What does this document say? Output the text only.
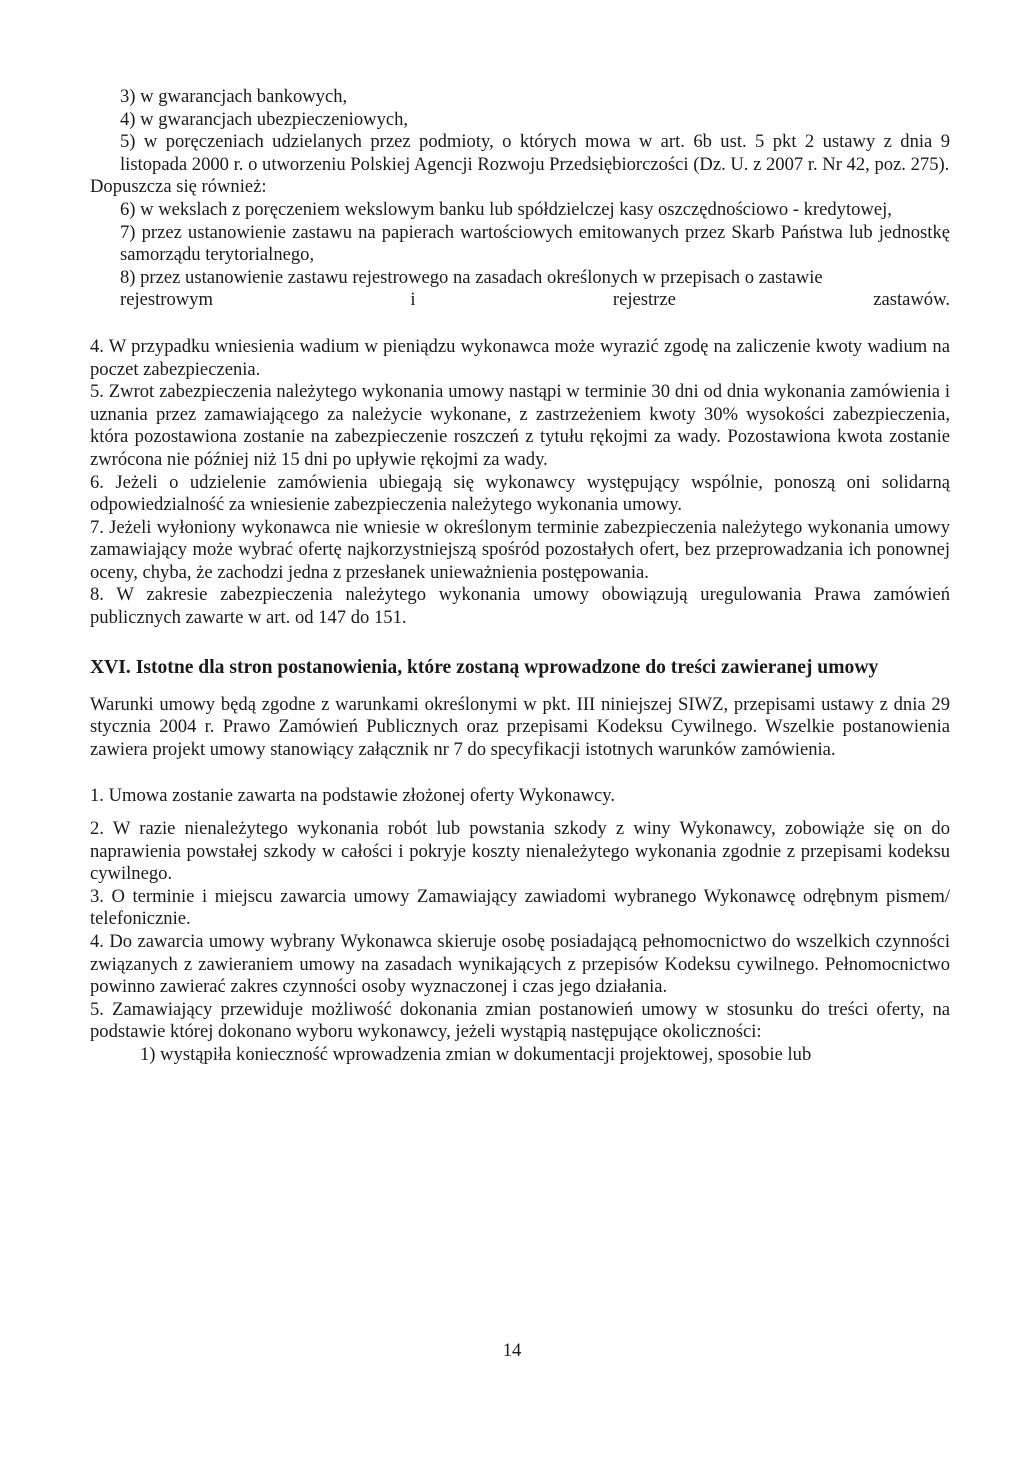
3) w gwarancjach bankowych,

4) w gwarancjach ubezpieczeniowych,

5) w poręczeniach udzielanych przez podmioty, o których mowa w art. 6b ust. 5 pkt 2 ustawy z dnia 9 listopada 2000 r. o utworzeniu Polskiej Agencji Rozwoju Przedsiębiorczości (Dz. U. z 2007 r. Nr 42, poz. 275).

Dopuszcza się również:

6) w wekslach z poręczeniem wekslowym banku lub spółdzielczej kasy oszczędnościowo - kredytowej,

7) przez ustanowienie zastawu na papierach wartościowych emitowanych przez Skarb Państwa lub jednostkę samorządu terytorialnego,

8) przez ustanowienie zastawu rejestrowego na zasadach określonych w przepisach o zastawie

rejestrowym	i	rejestrze	zastawów.

4. W przypadku wniesienia wadium w pieniądzu wykonawca może wyrazić zgodę na zaliczenie kwoty wadium na poczet zabezpieczenia.

5. Zwrot zabezpieczenia należytego wykonania umowy nastąpi w terminie 30 dni od dnia wykonania zamówienia i uznania przez zamawiającego za należycie wykonane, z zastrzeżeniem kwoty 30% wysokości zabezpieczenia, która pozostawiona zostanie na zabezpieczenie roszczeń z tytułu rękojmi za wady. Pozostawiona kwota zostanie zwrócona nie później niż 15 dni po upływie rękojmi za wady.

6. Jeżeli o udzielenie zamówienia ubiegają się wykonawcy występujący wspólnie, ponoszą oni solidarną odpowiedzialność za wniesienie zabezpieczenia należytego wykonania umowy.

7. Jeżeli wyłoniony wykonawca nie wniesie w określonym terminie zabezpieczenia należytego wykonania umowy zamawiający może wybrać ofertę najkorzystniejszą spośród pozostałych ofert, bez przeprowadzania ich ponownej oceny, chyba, że zachodzi jedna z przesłanek unieważnienia postępowania.

8. W zakresie zabezpieczenia należytego wykonania umowy obowiązują uregulowania Prawa zamówień publicznych zawarte w art. od 147 do 151.

XVI. Istotne dla stron postanowienia, które zostaną wprowadzone do treści zawieranej umowy

Warunki umowy będą zgodne z warunkami określonymi w pkt. III niniejszej SIWZ, przepisami ustawy z dnia 29 stycznia 2004 r. Prawo Zamówień Publicznych oraz przepisami Kodeksu Cywilnego. Wszelkie postanowienia zawiera projekt umowy stanowiący załącznik nr 7 do specyfikacji istotnych warunków zamówienia.

1. Umowa zostanie zawarta na podstawie złożonej oferty Wykonawcy.

2. W razie nienależytego wykonania robót lub powstania szkody z winy Wykonawcy, zobowiąże się on do naprawienia powstałej szkody w całości i pokryje koszty nienależytego wykonania zgodnie z przepisami kodeksu cywilnego.

3. O terminie i miejscu zawarcia umowy Zamawiający zawiadomi wybranego Wykonawcę odrębnym pismem/ telefonicznie.

4. Do zawarcia umowy wybrany Wykonawca skieruje osobę posiadającą pełnomocnictwo do wszelkich czynności związanych z zawieraniem umowy na zasadach wynikających z przepisów Kodeksu cywilnego. Pełnomocnictwo powinno zawierać zakres czynności osoby wyznaczonej i czas jego działania.

5. Zamawiający przewiduje możliwość dokonania zmian postanowień umowy w stosunku do treści oferty, na podstawie której dokonano wyboru wykonawcy, jeżeli wystąpią następujące okoliczności:

1) wystąpiła konieczność wprowadzenia zmian w dokumentacji projektowej, sposobie lub

14
